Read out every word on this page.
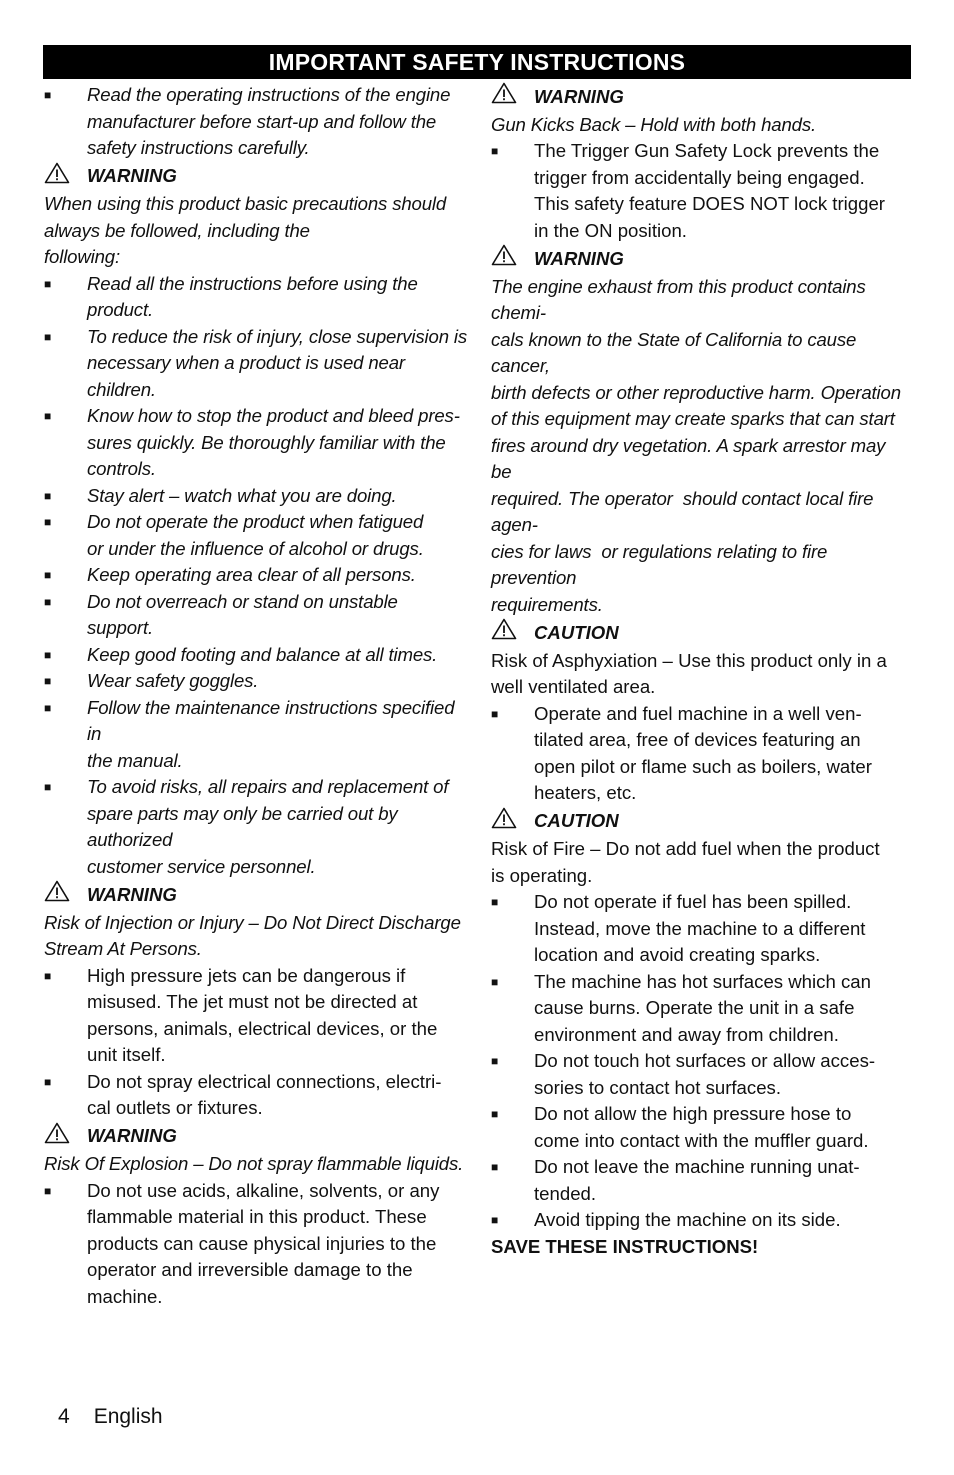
IMPORTANT SAFETY INSTRUCTIONS
■	Read the operating instructions of the engine

manufacturer before start-up and follow the

safety instructions carefully.

WARNING

When using this product basic precautions should

always be followed, including the

following:

■	Read all the instructions before using the

product.

■	To reduce the risk of injury, close supervision is

necessary when a product is used near children.

■	Know how to stop the product and bleed pres-

sures quickly. Be thoroughly familiar with the

controls.

■	Stay alert – watch what you are doing.

■	Do not operate the product when fatigued

or under the influence of alcohol or drugs.

■	Keep operating area clear of all persons.

■	Do not overreach or stand on unstable support.

■	Keep good footing and balance at all times.

■	Wear safety goggles.

■	Follow the maintenance instructions specified in

the manual.

■	To avoid risks, all repairs and replacement of

spare parts may only be carried out by authorized

customer service personnel.

WARNING

Risk of Injection or Injury – Do Not Direct Discharge

Stream At Persons.

■	High pressure jets can be dangerous if

misused. The jet must not be directed at

persons, animals, electrical devices, or the

unit itself.

■	Do not spray electrical connections, electri-

cal outlets or fixtures.

WARNING

Risk Of Explosion – Do not spray flammable liquids.

■	Do not use acids, alkaline, solvents, or any

flammable material in this product. These

products can cause physical injuries to the

operator and irreversible damage to the

machine.

WARNING

Gun Kicks Back – Hold with both hands.

■	The Trigger Gun Safety Lock prevents the

trigger from accidentally being engaged.

This safety feature DOES NOT lock trigger

in the ON position.

WARNING

The engine exhaust from this product contains chemi-

cals known to the State of California to cause cancer,

birth defects or other reproductive harm. Operation

of this equipment may create sparks that can start

fires around dry vegetation. A spark arrestor may be

required. The operator  should contact local fire agen-

cies for laws  or regulations relating to fire prevention

requirements.

CAUTION

Risk of Asphyxiation – Use this product only in a

well ventilated area.

■	Operate and fuel machine in a well ven-

tilated area, free of devices featuring an

open pilot or flame such as boilers, water

heaters, etc.

CAUTION

Risk of Fire – Do not add fuel when the product

is operating.

■	Do not operate if fuel has been spilled.

Instead, move the machine to a different

location and avoid creating sparks.

■	The machine has hot surfaces which can

cause burns. Operate the unit in a safe

environment and away from children.

■	Do not touch hot surfaces or allow acces-

sories to contact hot surfaces.

■	Do not allow the high pressure hose to

come into contact with the muffler guard.

■	Do not leave the machine running unat-

tended.

■	Avoid tipping the machine on its side.

SAVE THESE INSTRUCTIONS!
4 English
